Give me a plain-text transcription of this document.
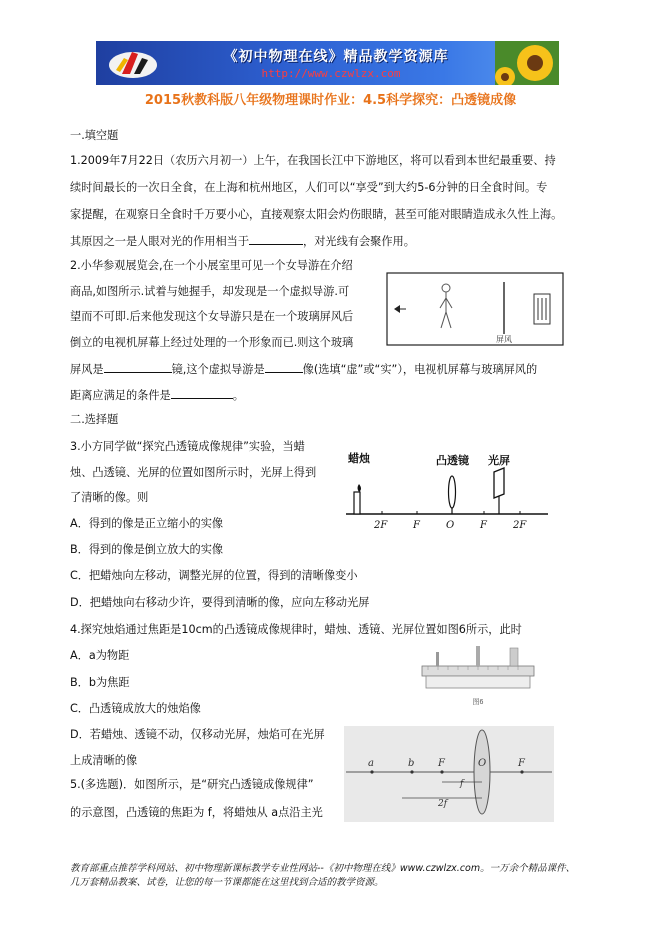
《初中物理在线》精品教学资源库
http://www.czwlzx.com
2015秋教科版八年级物理课时作业：4.5科学探究：凸透镜成像
一.填空题
1.2009年7月22日（农历六月初一）上午，在我国长江中下游地区，将可以看到本世纪最重要、持
续时间最长的一次日全食，在上海和杭州地区，人们可以“享受”到大约5-6分钟的日全食时间。专
家提醒，在观察日全食时千万要小心，直接观察太阳会灼伤眼睛，甚至可能对眼睛造成永久性上海。
其原因之一是人眼对光的作用相当于	，对光线有会聚作用。
2.小华参观展览会,在一个小展室里可见一个女导游在介绍
商品,如图所示.试着与她握手，却发现是一个虚拟导游.可
望而不可即.后来他发现这个女导游只是在一个玻璃屏风后
倒立的电视机屏幕上经过处理的一个形象而已.则这个玻璃
屏风是	镜,这个虚拟导游是	像(选填“虚”或“实”），电视机屏幕与玻璃屏风的
距离应满足的条件是	。
屏风
二.选择题
3.小方同学做“探究凸透镜成像规律”实验，当蜡
烛、凸透镜、光屏的位置如图所示时，光屏上得到
了清晰的像。则
A．得到的像是正立缩小的实像
B．得到的像是倒立放大的实像
C．把蜡烛向左移动，调整光屏的位置，得到的清晰像变小
D．把蜡烛向右移动少许，要得到清晰的像，应向左移动光屏
蜡烛	凸透镜 光屏
2F	F	O	F	2F
4.探究烛焰通过焦距是10cm的凸透镜成像规律时，蜡烛、透镜、光屏位置如图6所示，此时
A．a为物距
B．b为焦距
C．凸透镜成放大的烛焰像
D．若蜡烛、透镜不动，仅移动光屏，烛焰可在光屏
上成清晰的像
图6
5.(多选题)．如图所示，是“研究凸透镜成像规律”
的示意图，凸透镜的焦距为 f，将蜡烛从 a点沿主光
a	b F	O	F
f
2f
教育部重点推荐学科网站、初中物理新课标教学专业性网站--《初中物理在线》www.czwlzx.com。一万余个精品课件、
几万套精品教案、试卷，让您的每一节课都能在这里找到合适的教学资源。
